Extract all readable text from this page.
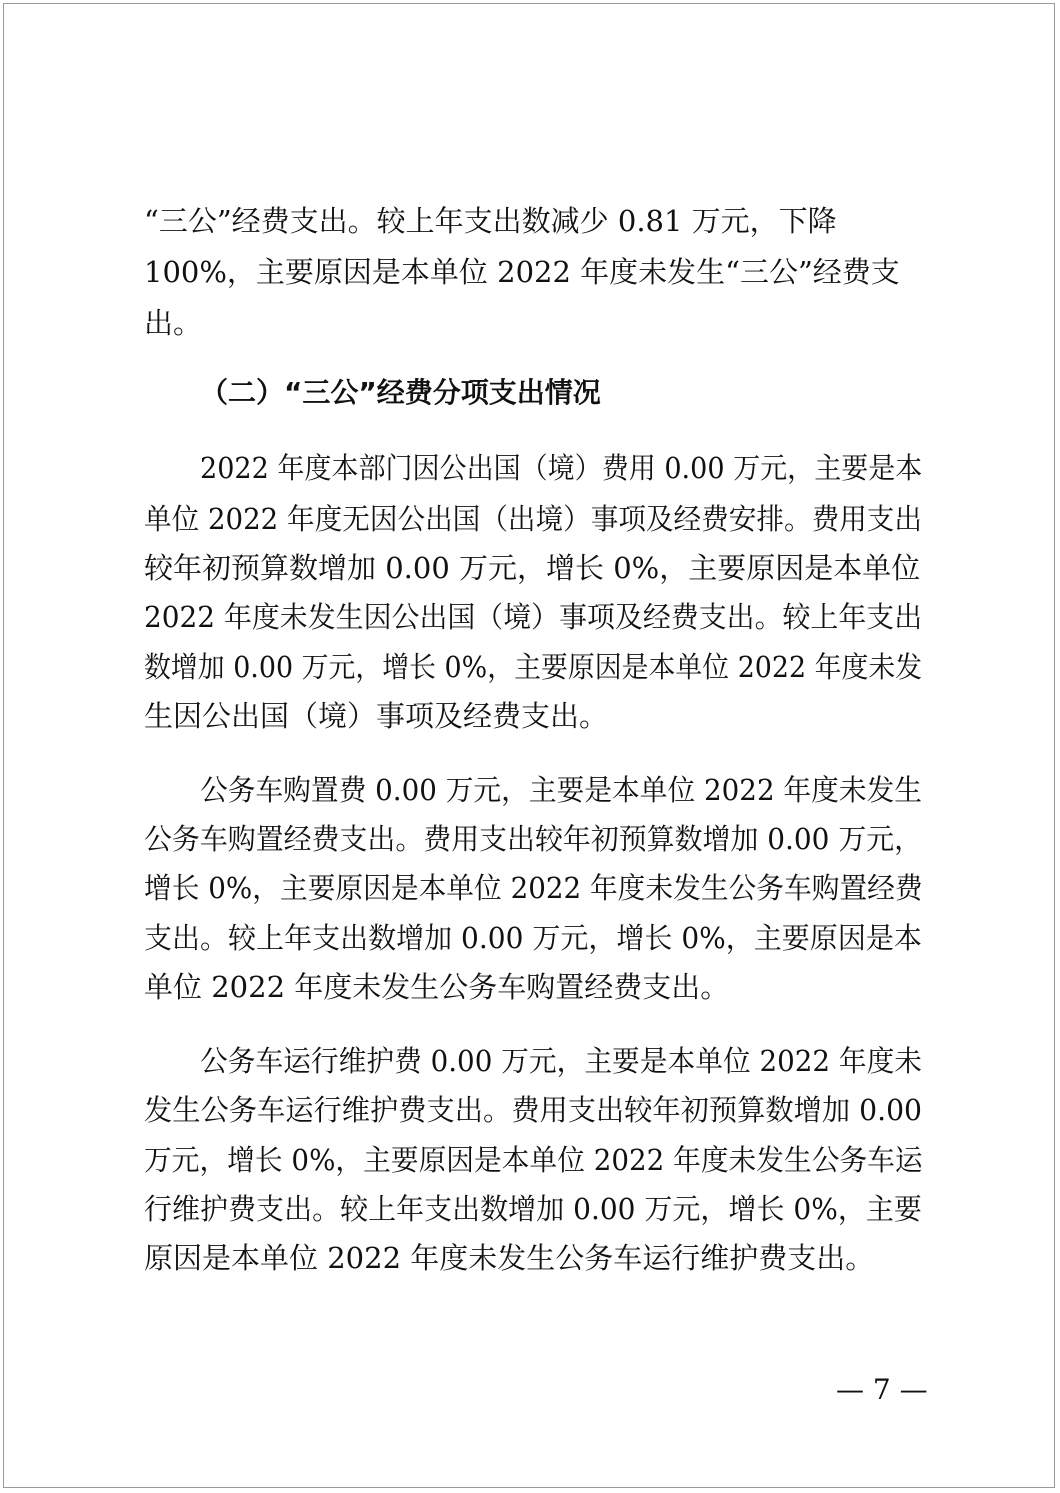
“三公”经费支出。较上年支出数减少 0.81 万元，下降
100%，主要原因是本单位 2022 年度未发生“三公”经费支
出。
（二）“三公”经费分项支出情况
2022 年度本部门因公出国（境）费用 0.00 万元，主要是本
单位 2022 年度无因公出国（出境）事项及经费安排。费用支出
较年初预算数增加 0.00 万元，增长 0%，主要原因是本单位
2022 年度未发生因公出国（境）事项及经费支出。较上年支出
数增加 0.00 万元，增长 0%，主要原因是本单位 2022 年度未发
生因公出国（境）事项及经费支出。
公务车购置费 0.00 万元，主要是本单位 2022 年度未发生
公务车购置经费支出。费用支出较年初预算数增加 0.00 万元，
增长 0%，主要原因是本单位 2022 年度未发生公务车购置经费
支出。较上年支出数增加 0.00 万元，增长 0%，主要原因是本
单位 2022 年度未发生公务车购置经费支出。
公务车运行维护费 0.00 万元，主要是本单位 2022 年度未
发生公务车运行维护费支出。费用支出较年初预算数增加 0.00
万元，增长 0%，主要原因是本单位 2022 年度未发生公务车运
行维护费支出。较上年支出数增加 0.00 万元，增长 0%，主要
原因是本单位 2022 年度未发生公务车运行维护费支出。
— 7 —
